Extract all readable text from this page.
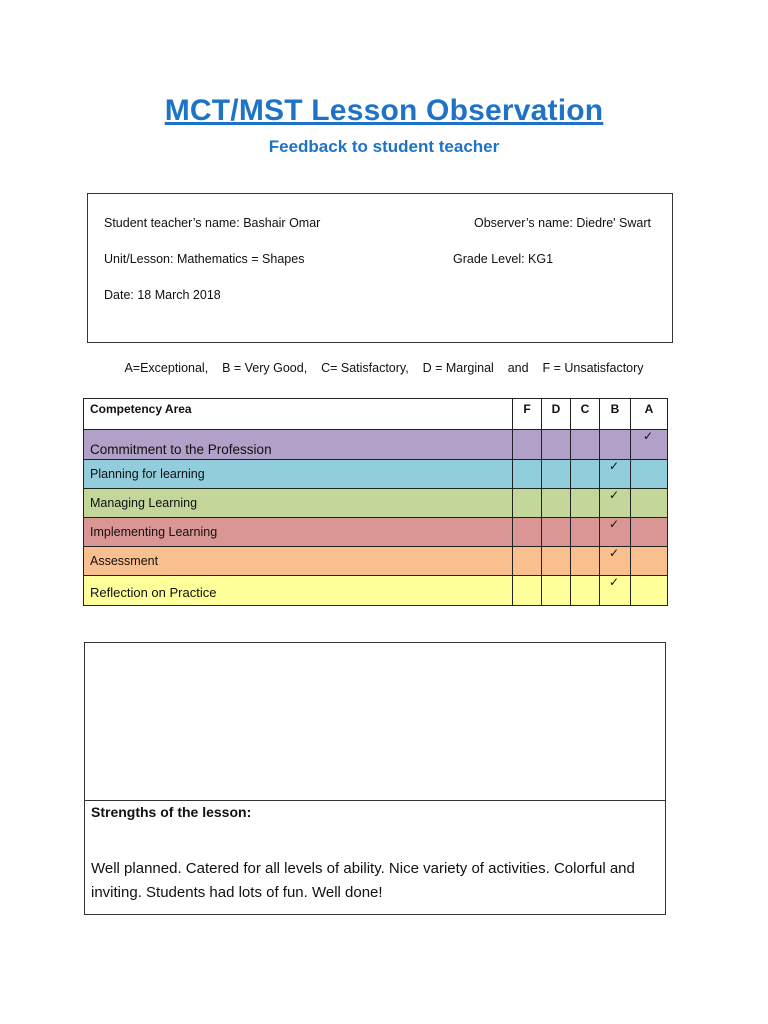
MCT/MST Lesson Observation
Feedback to student teacher
Student teacher’s name: Bashair Omar	Observer’s name: Diedre' Swart
Unit/Lesson: Mathematics = Shapes	Grade Level: KG1
Date: 18 March 2018
A=Exceptional,    B = Very Good,    C= Satisfactory,    D = Marginal    and    F = Unsatisfactory
Competency Area	F	D	C	B	A
Commitment to the Profession					✓

Planning for learning				✓	

Managing Learning				✓	

Implementing Learning				✓	

Assessment				✓	

Reflection on Practice				✓	

Strengths of the lesson:
Well planned. Catered for all levels of ability. Nice variety of activities. Colorful and inviting. Students had lots of fun. Well done!
